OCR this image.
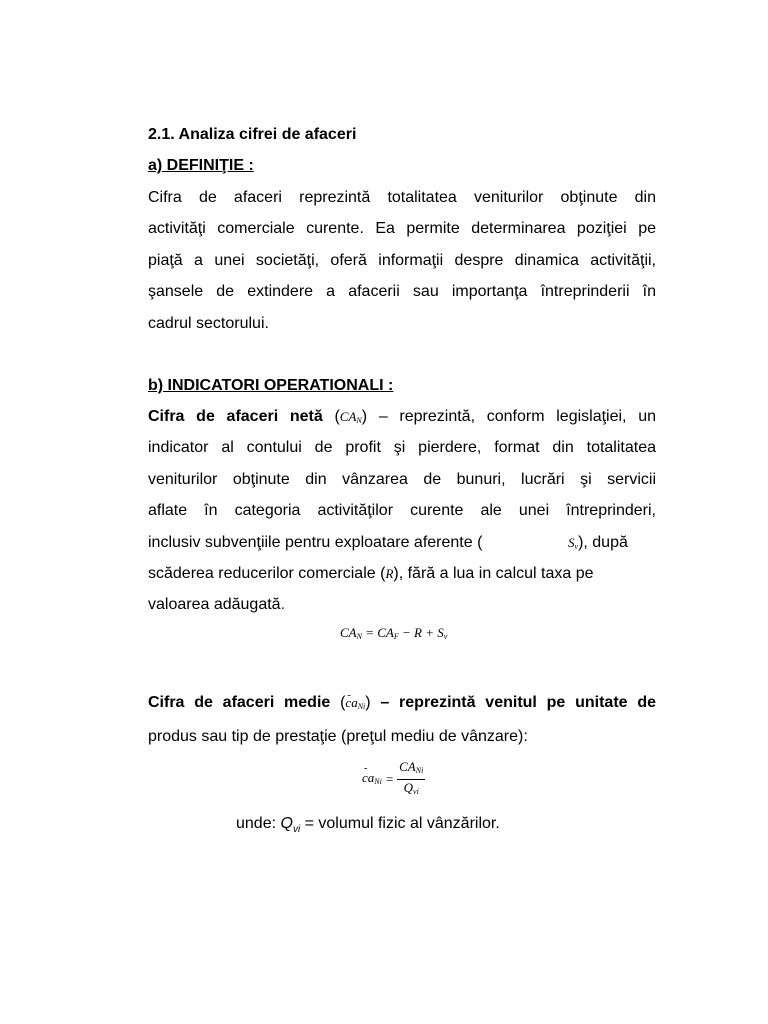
2.1. Analiza cifrei de afaceri
a) DEFINIŢIE :
Cifra de afaceri reprezintă totalitatea veniturilor obţinute din
activităţi comerciale curente. Ea permite determinarea poziţiei pe
piaţă a unei societăţi, oferă informaţii despre dinamica activităţii,
şansele de extindere a afacerii sau importanţa întreprinderii în
cadrul sectorului.
b) INDICATORI OPERATIONALI :
Cifra de afaceri netă $(CA_N)$ – reprezintă, conform legislaţiei, un
indicator al contului de profit şi pierdere, format din totalitatea
veniturilor obţinute din vânzarea de bunuri, lucrări şi servicii
aflate în categoria activităţilor curente ale unei întreprinderi,
inclusiv subvenţiile pentru exploatare aferente (	$S_v$), după
scăderea reducerilor comerciale (R), fără a lua in calcul taxa pe
valoarea adăugată.
$CA_N = CA_F - R + S_v$
Cifra de afaceri medie (- $ca_{Ni}$) – reprezintă venitul pe unitate de
produs sau tip de prestaţie (preţul mediu de vânzare):
- $ca_{Ni} = \frac{CA_{Ni}}{Q_{vi}}$
unde: $Q_{vi}$ = volumul fizic al vânzărilor.
